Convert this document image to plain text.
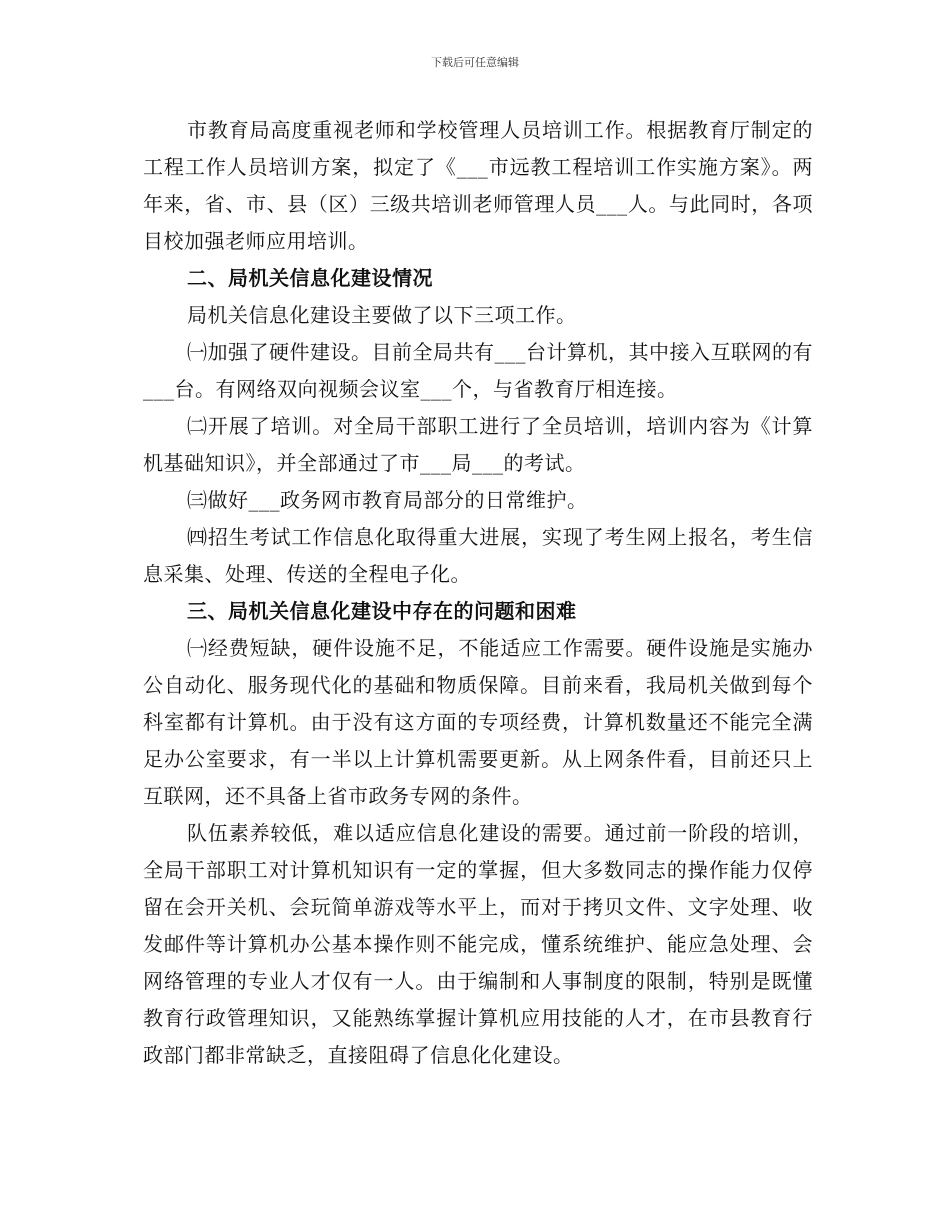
下载后可任意编辑

市教育局高度重视老师和学校管理人员培训工作。根据教育厅制定的工程工作人员培训方案，拟定了《___市远教工程培训工作实施方案》。两年来，省、市、县（区）三级共培训老师管理人员___人。与此同时，各项目校加强老师应用培训。

二、局机关信息化建设情况

局机关信息化建设主要做了以下三项工作。

㈠加强了硬件建设。目前全局共有___台计算机，其中接入互联网的有___台。有网络双向视频会议室___个，与省教育厅相连接。

㈡开展了培训。对全局干部职工进行了全员培训，培训内容为《计算机基础知识》，并全部通过了市___局___的考试。

㈢做好___政务网市教育局部分的日常维护。

㈣招生考试工作信息化取得重大进展，实现了考生网上报名，考生信息采集、处理、传送的全程电子化。

三、局机关信息化建设中存在的问题和困难

㈠经费短缺，硬件设施不足，不能适应工作需要。硬件设施是实施办公自动化、服务现代化的基础和物质保障。目前来看，我局机关做到每个科室都有计算机。由于没有这方面的专项经费，计算机数量还不能完全满足办公室要求，有一半以上计算机需要更新。从上网条件看，目前还只上互联网，还不具备上省市政务专网的条件。

队伍素养较低，难以适应信息化建设的需要。通过前一阶段的培训，全局干部职工对计算机知识有一定的掌握，但大多数同志的操作能力仅停留在会开关机、会玩简单游戏等水平上，而对于拷贝文件、文字处理、收发邮件等计算机办公基本操作则不能完成，懂系统维护、能应急处理、会网络管理的专业人才仅有一人。由于编制和人事制度的限制，特别是既懂教育行政管理知识，又能熟练掌握计算机应用技能的人才，在市县教育行政部门都非常缺乏，直接阻碍了信息化化建设。
